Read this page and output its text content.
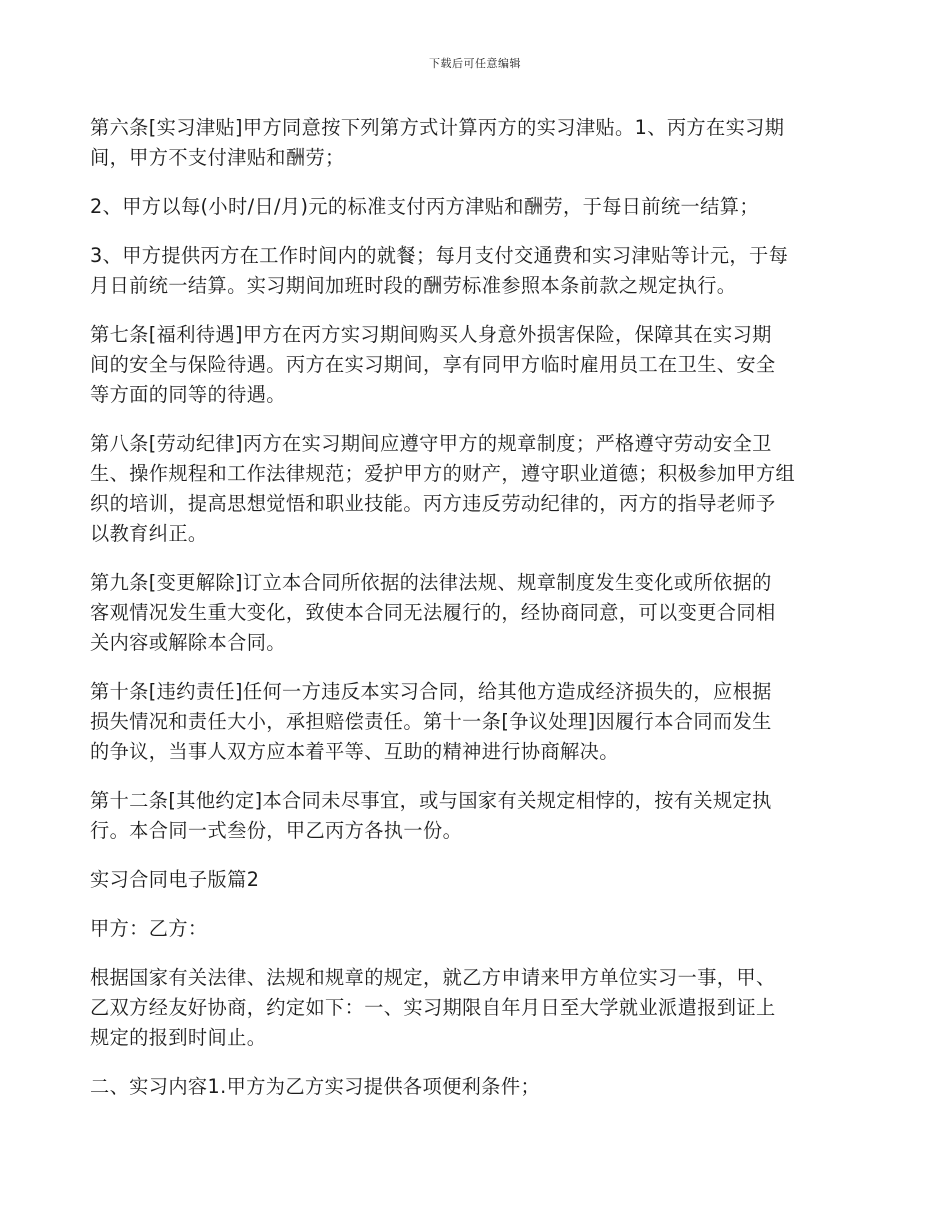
下载后可任意编辑

第六条[实习津贴]甲方同意按下列第方式计算丙方的实习津贴。1、丙方在实习期
间，甲方不支付津贴和酬劳；

2、甲方以每(小时/日/月)元的标准支付丙方津贴和酬劳，于每日前统一结算；

3、甲方提供丙方在工作时间内的就餐；每月支付交通费和实习津贴等计元，于每
月日前统一结算。实习期间加班时段的酬劳标准参照本条前款之规定执行。

第七条[福利待遇]甲方在丙方实习期间购买人身意外损害保险，保障其在实习期
间的安全与保险待遇。丙方在实习期间，享有同甲方临时雇用员工在卫生、安全
等方面的同等的待遇。

第八条[劳动纪律]丙方在实习期间应遵守甲方的规章制度；严格遵守劳动安全卫
生、操作规程和工作法律规范；爱护甲方的财产，遵守职业道德；积极参加甲方组
织的培训，提高思想觉悟和职业技能。丙方违反劳动纪律的，丙方的指导老师予
以教育纠正。

第九条[变更解除]订立本合同所依据的法律法规、规章制度发生变化或所依据的
客观情况发生重大变化，致使本合同无法履行的，经协商同意，可以变更合同相
关内容或解除本合同。

第十条[违约责任]任何一方违反本实习合同，给其他方造成经济损失的，应根据
损失情况和责任大小，承担赔偿责任。第十一条[争议处理]因履行本合同而发生
的争议，当事人双方应本着平等、互助的精神进行协商解决。

第十二条[其他约定]本合同未尽事宜，或与国家有关规定相悖的，按有关规定执
行。本合同一式叁份，甲乙丙方各执一份。

实习合同电子版篇2

甲方：乙方：

根据国家有关法律、法规和规章的规定，就乙方申请来甲方单位实习一事，甲、
乙双方经友好协商，约定如下：一、实习期限自年月日至大学就业派遣报到证上
规定的报到时间止。

二、实习内容1.甲方为乙方实习提供各项便利条件；
